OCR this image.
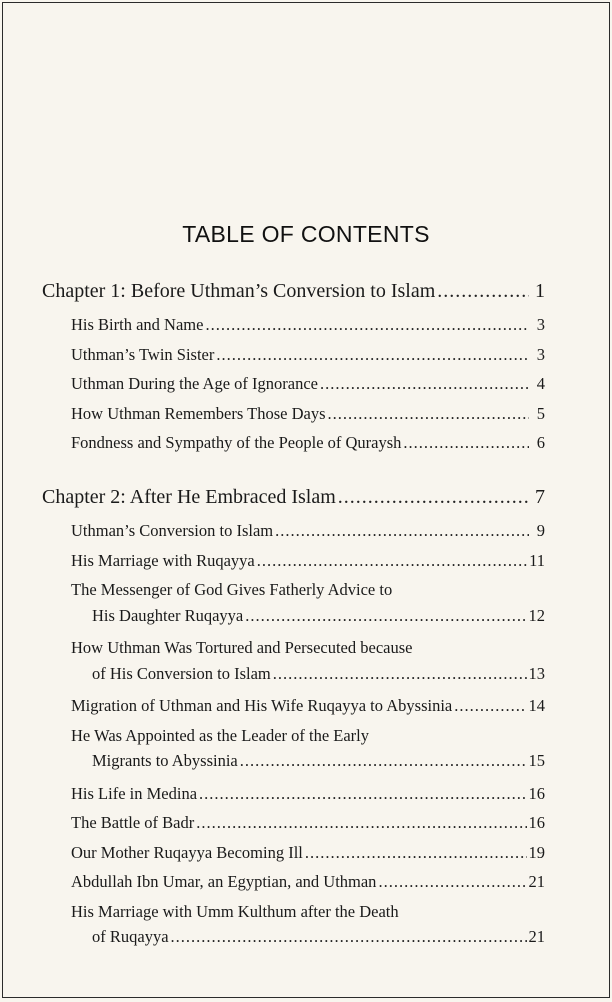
TABLE OF CONTENTS
Chapter 1: Before Uthman’s Conversion to Islam .....	1
His Birth and Name .....	3
Uthman’s Twin Sister .....	3
Uthman During the Age of Ignorance .....	4
How Uthman Remembers Those Days .....	5
Fondness and Sympathy of the People of Quraysh .....	6
Chapter 2: After He Embraced Islam .....	7
Uthman’s Conversion to Islam .....	9
His Marriage with Ruqayya .....	11
The Messenger of God Gives Fatherly Advice to
His Daughter Ruqayya .....	12
How Uthman Was Tortured and Persecuted because
of His Conversion to Islam .....	13
Migration of Uthman and His Wife Ruqayya to Abyssinia .....	14
He Was Appointed as the Leader of the Early
Migrants to Abyssinia .....	15
His Life in Medina .....	16
The Battle of Badr .....	16
Our Mother Ruqayya Becoming Ill .....	19
Abdullah Ibn Umar, an Egyptian, and Uthman .....	21
His Marriage with Umm Kulthum after the Death
of Ruqayya .....	21
